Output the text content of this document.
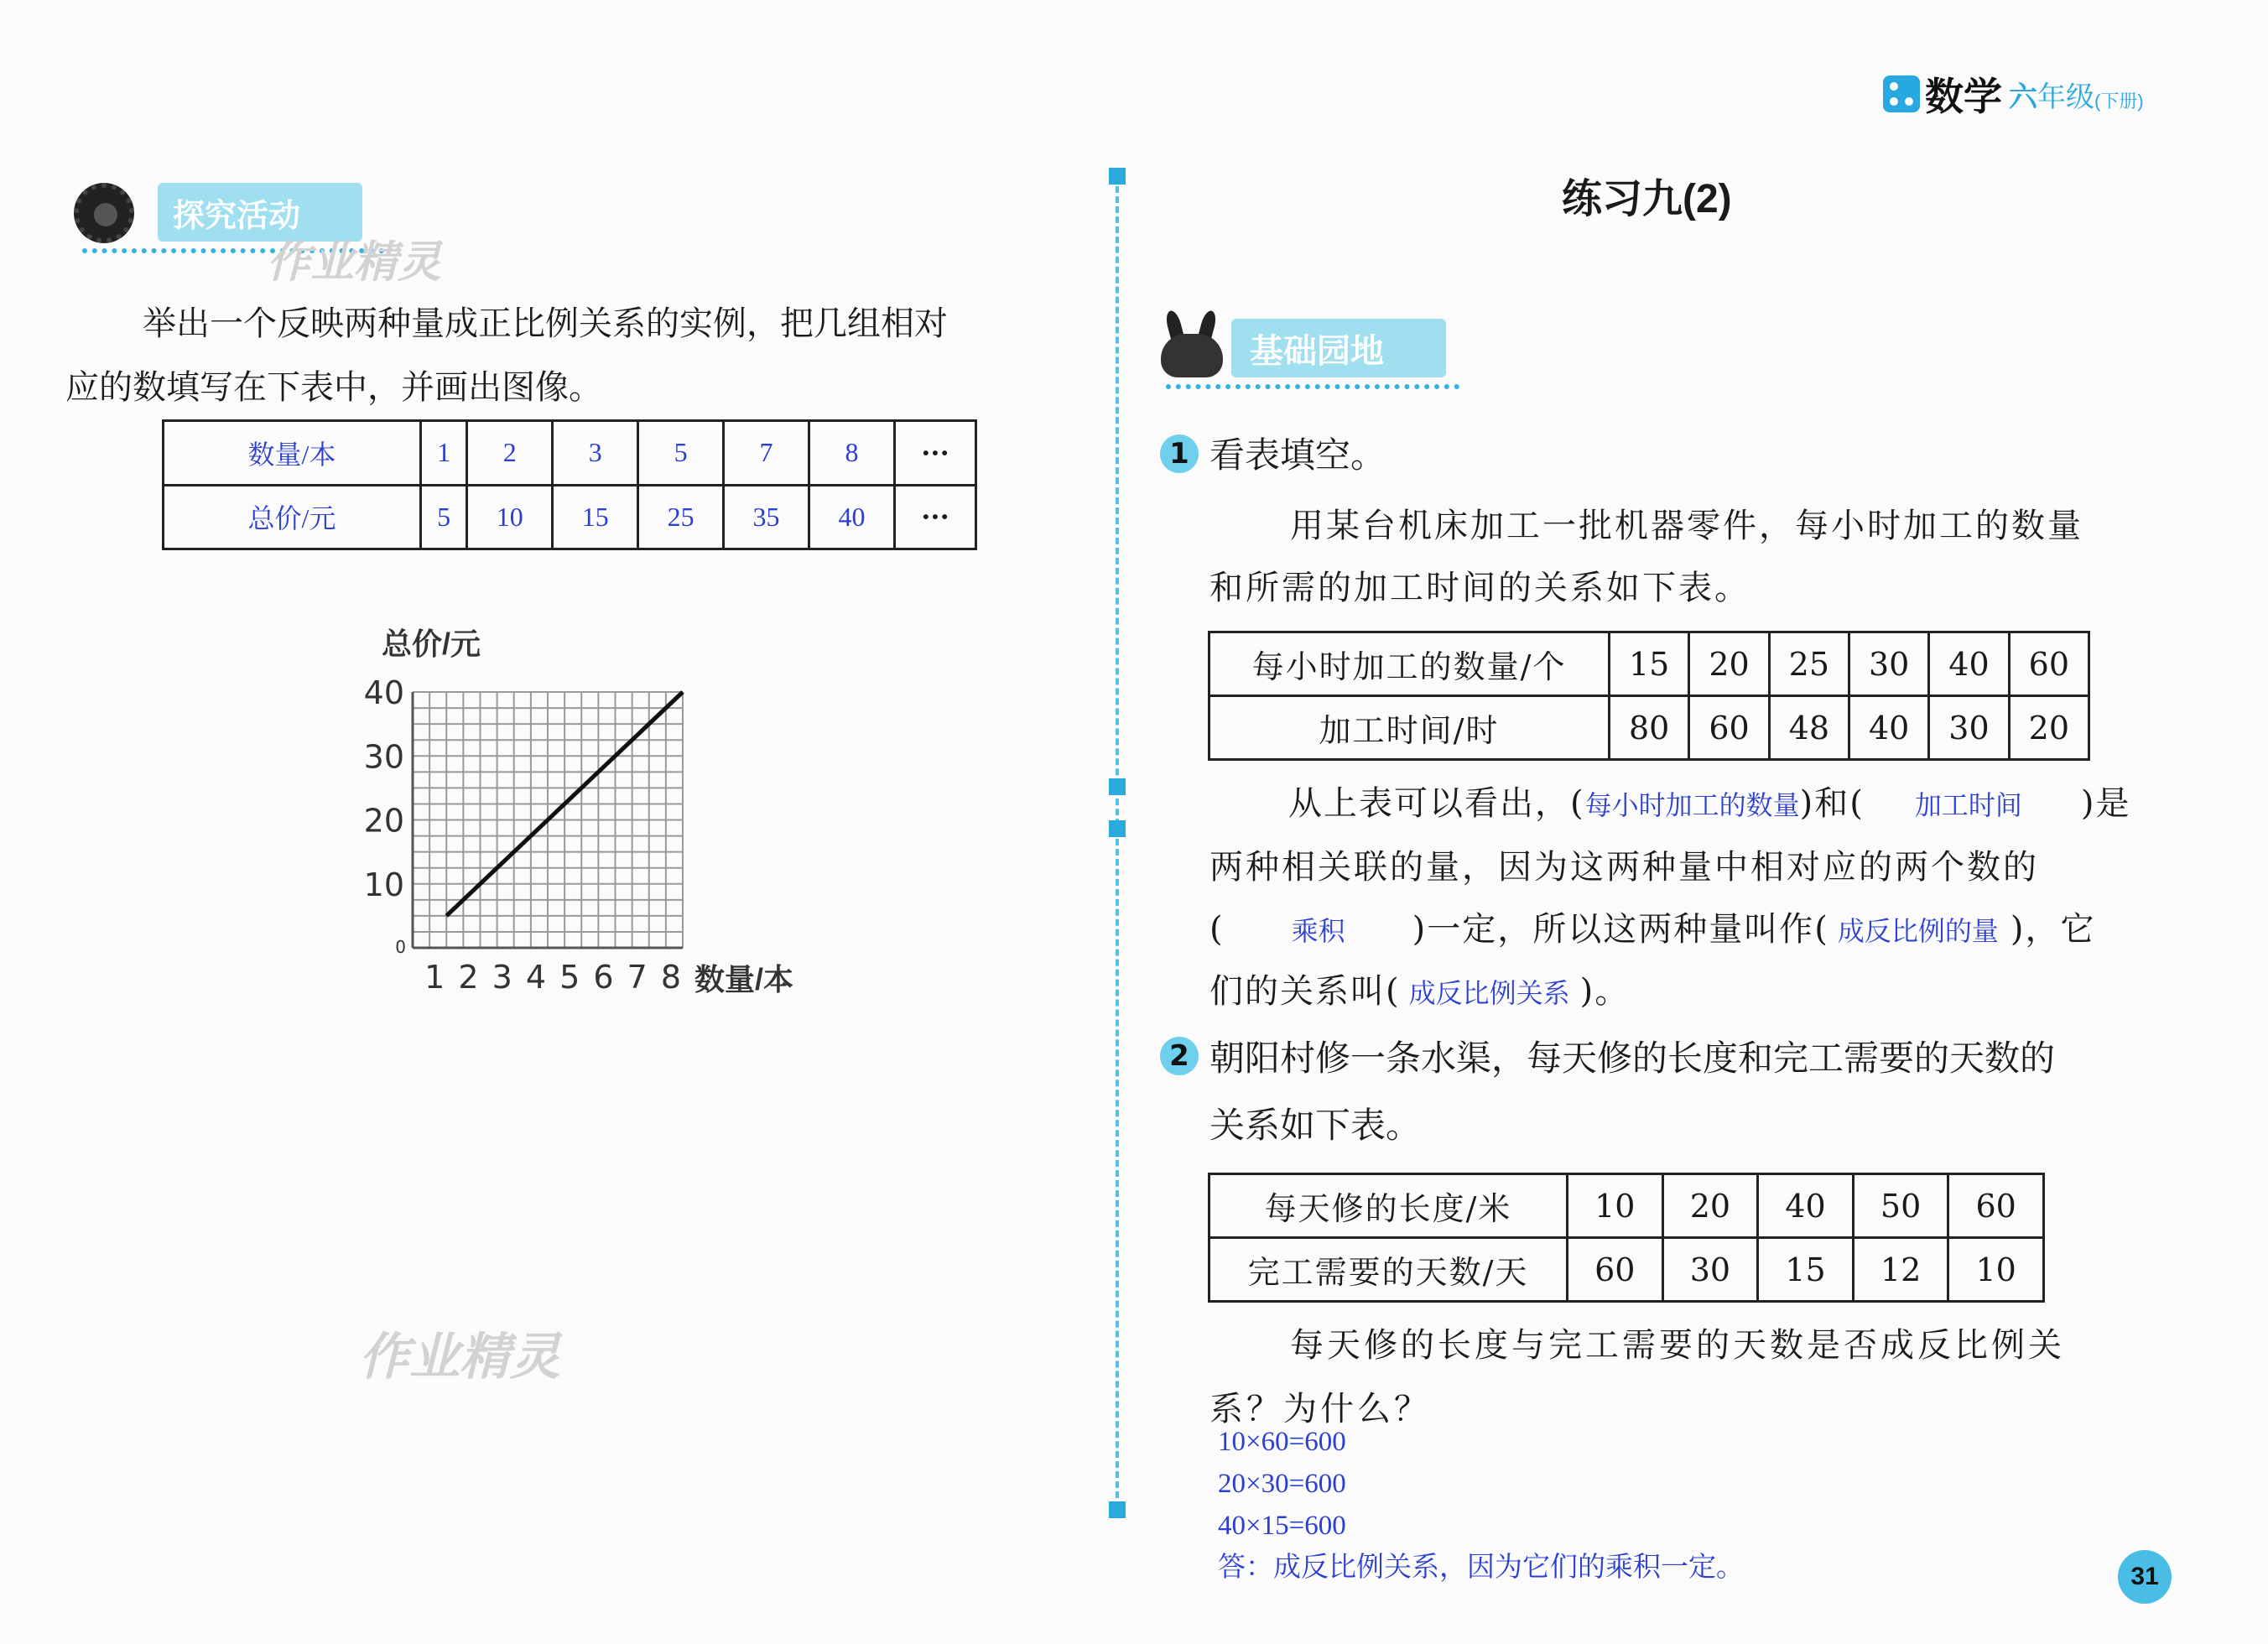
数学 六 年级 (下册)
探究活动
作业精灵
举出一个反映两种量成正比例关系的实例，把几组相对
应的数填写在下表中，并画出图像。
数量/本	1	2	3	5	7	8	···
总价/元	5	10	15	25	35	40	···
总价/元
数量/本
0
10
20
30
40
1 2 3 4 5 6 7 8
作业精灵
练习九(2)
基础园地
1 看表填空。
用某台机床加工一批机器零件，每小时加工的数量
和所需的加工时间的关系如下表。
每小时加工的数量/个	15	20	25	30	40	60
加工时间/时	80	60	48	40	30	20
从上表可以看出，(每小时加工的数量)和( 加工时间 )是
两种相关联的量，因为这两种量中相对应的两个数的
(	乘积 )一定，所以这两种量叫作( 成反比例的量 )，它
们的关系叫( 成反比例关系 )。
2 朝阳村修一条水渠，每天修的长度和完工需要的天数的
关系如下表。
每天修的长度/米	10	20	40	50	60
完工需要的天数/天	60	30	15	12	10
每天修的长度与完工需要的天数是否成反比例关
系？为什么？
10×60=600
20×30=600
40×15=600
答：成反比例关系，因为它们的乘积一定。	31
